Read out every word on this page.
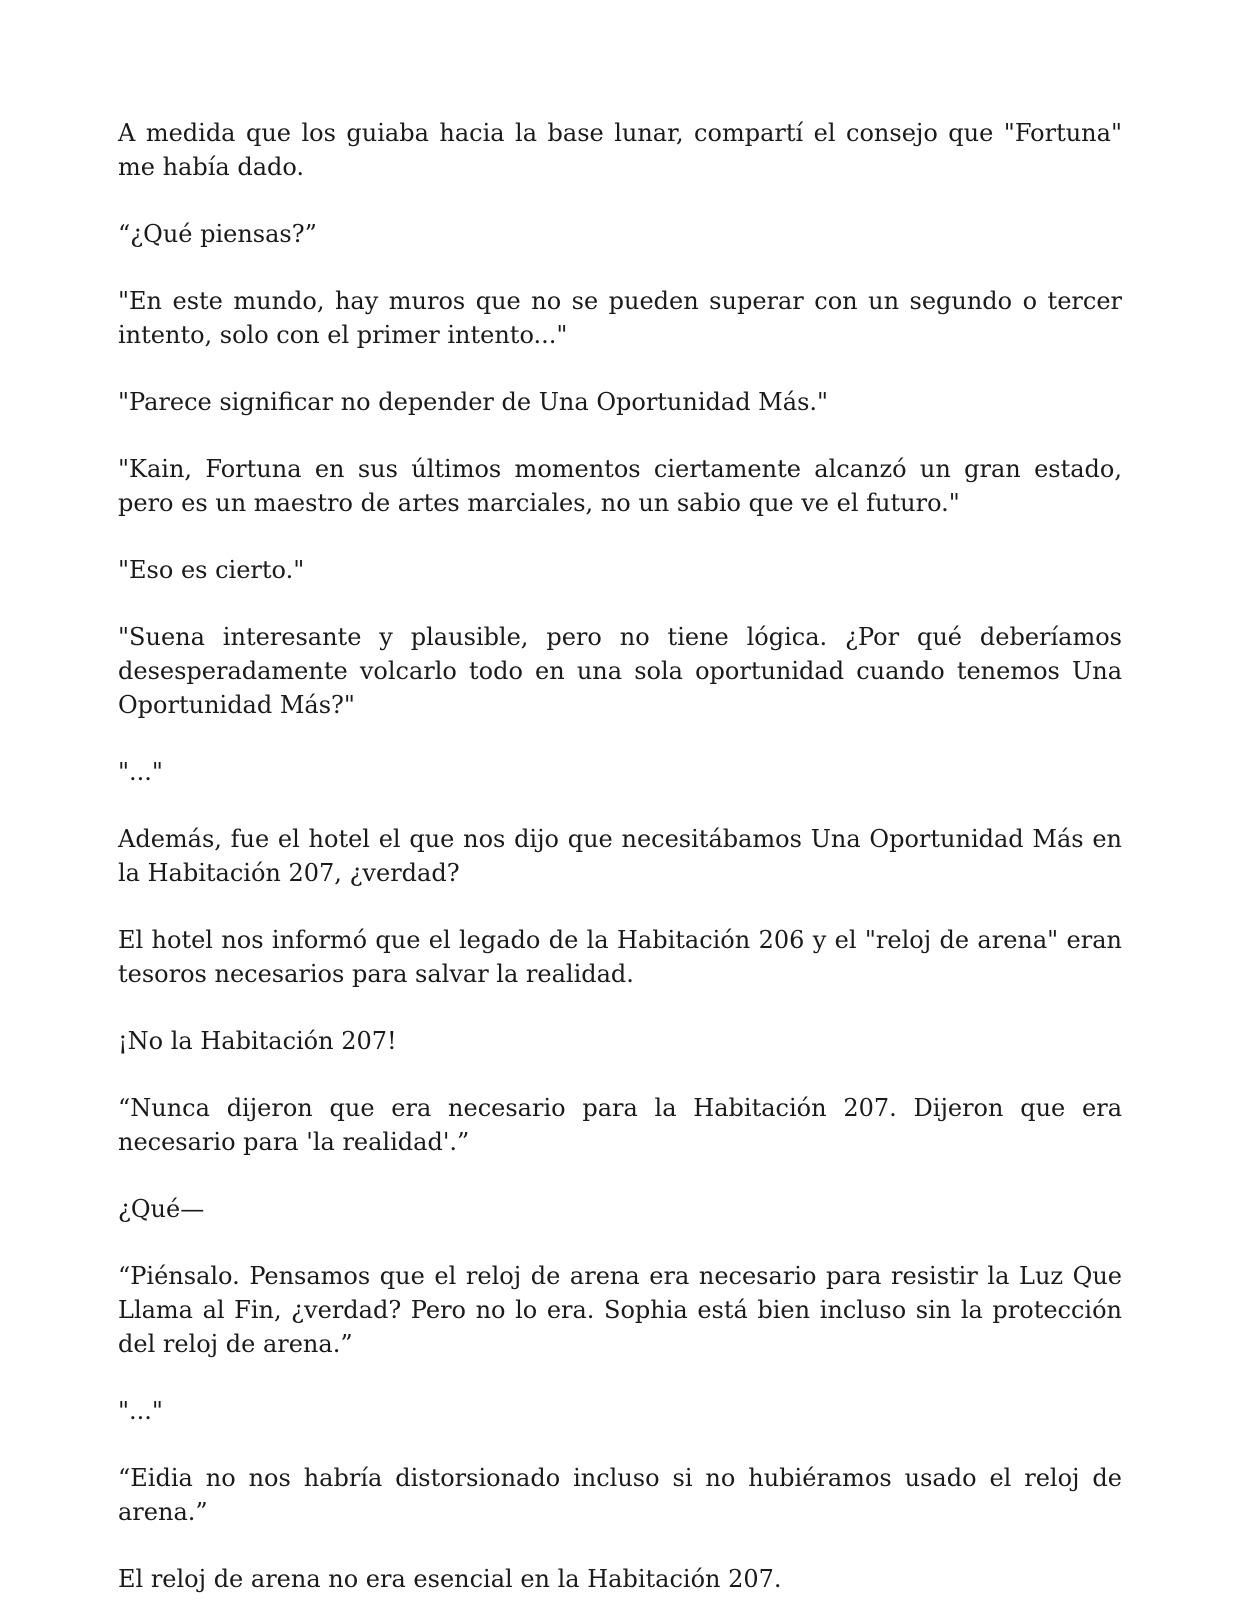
A medida que los guiaba hacia la base lunar, compartí el consejo que "Fortuna" me había dado.

“¿Qué piensas?”

"En este mundo, hay muros que no se pueden superar con un segundo o tercer intento, solo con el primer intento..."

"Parece significar no depender de Una Oportunidad Más."

"Kain, Fortuna en sus últimos momentos ciertamente alcanzó un gran estado, pero es un maestro de artes marciales, no un sabio que ve el futuro."

"Eso es cierto."

"Suena interesante y plausible, pero no tiene lógica. ¿Por qué deberíamos desesperadamente volcarlo todo en una sola oportunidad cuando tenemos Una Oportunidad Más?"

"..."

Además, fue el hotel el que nos dijo que necesitábamos Una Oportunidad Más en la Habitación 207, ¿verdad?

El hotel nos informó que el legado de la Habitación 206 y el "reloj de arena" eran tesoros necesarios para salvar la realidad.

¡No la Habitación 207!

“Nunca dijeron que era necesario para la Habitación 207. Dijeron que era necesario para 'la realidad'.”

¿Qué—

“Piénsalo. Pensamos que el reloj de arena era necesario para resistir la Luz Que Llama al Fin, ¿verdad? Pero no lo era. Sophia está bien incluso sin la protección del reloj de arena.”

"..."

“Eidia no nos habría distorsionado incluso si no hubiéramos usado el reloj de arena.”

El reloj de arena no era esencial en la Habitación 207.
